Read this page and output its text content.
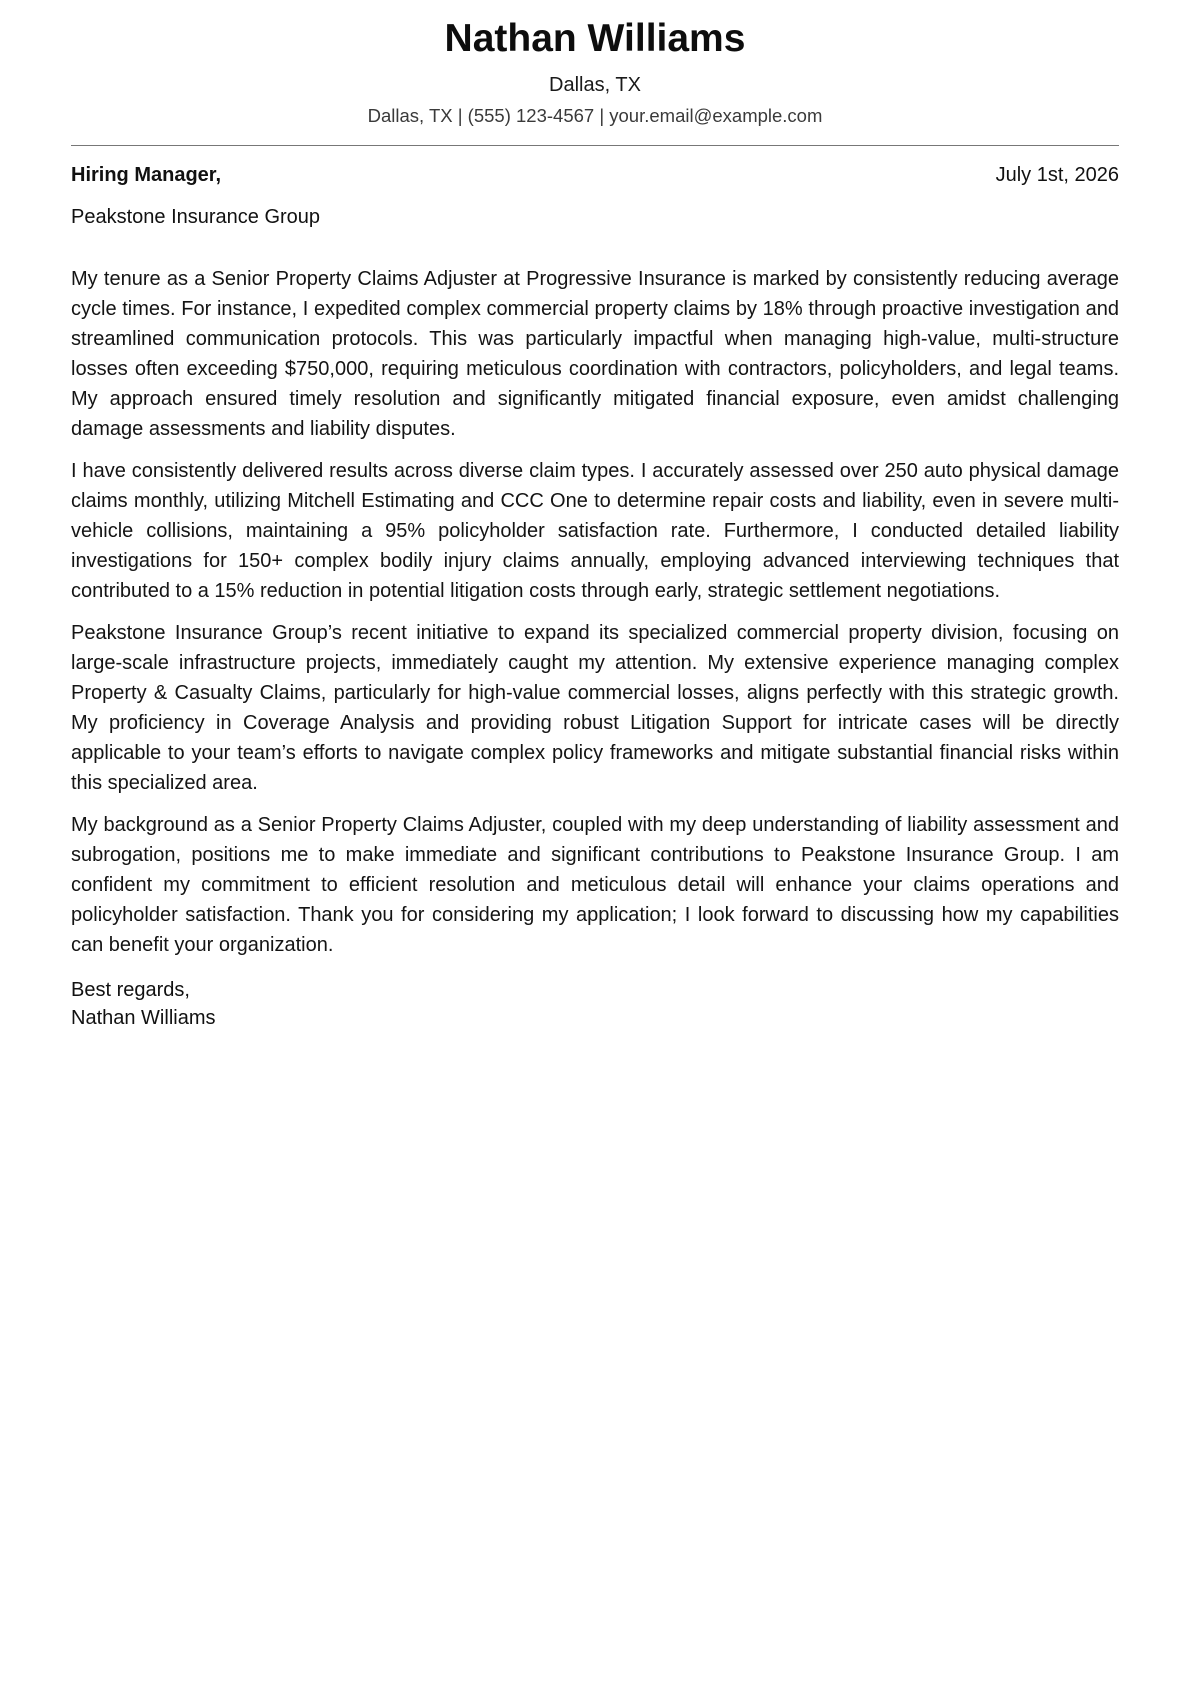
Nathan Williams
Dallas, TX
Dallas, TX | (555) 123-4567 | your.email@example.com
Hiring Manager,	July 1st, 2026
Peakstone Insurance Group

My tenure as a Senior Property Claims Adjuster at Progressive Insurance is marked by consistently reducing average cycle times. For instance, I expedited complex commercial property claims by 18% through proactive investigation and streamlined communication protocols. This was particularly impactful when managing high-value, multi-structure losses often exceeding $750,000, requiring meticulous coordination with contractors, policyholders, and legal teams. My approach ensured timely resolution and significantly mitigated financial exposure, even amidst challenging damage assessments and liability disputes.

I have consistently delivered results across diverse claim types. I accurately assessed over 250 auto physical damage claims monthly, utilizing Mitchell Estimating and CCC One to determine repair costs and liability, even in severe multi-vehicle collisions, maintaining a 95% policyholder satisfaction rate. Furthermore, I conducted detailed liability investigations for 150+ complex bodily injury claims annually, employing advanced interviewing techniques that contributed to a 15% reduction in potential litigation costs through early, strategic settlement negotiations.

Peakstone Insurance Group’s recent initiative to expand its specialized commercial property division, focusing on large-scale infrastructure projects, immediately caught my attention. My extensive experience managing complex Property & Casualty Claims, particularly for high-value commercial losses, aligns perfectly with this strategic growth. My proficiency in Coverage Analysis and providing robust Litigation Support for intricate cases will be directly applicable to your team’s efforts to navigate complex policy frameworks and mitigate substantial financial risks within this specialized area.

My background as a Senior Property Claims Adjuster, coupled with my deep understanding of liability assessment and subrogation, positions me to make immediate and significant contributions to Peakstone Insurance Group. I am confident my commitment to efficient resolution and meticulous detail will enhance your claims operations and policyholder satisfaction. Thank you for considering my application; I look forward to discussing how my capabilities can benefit your organization.

Best regards,
Nathan Williams
